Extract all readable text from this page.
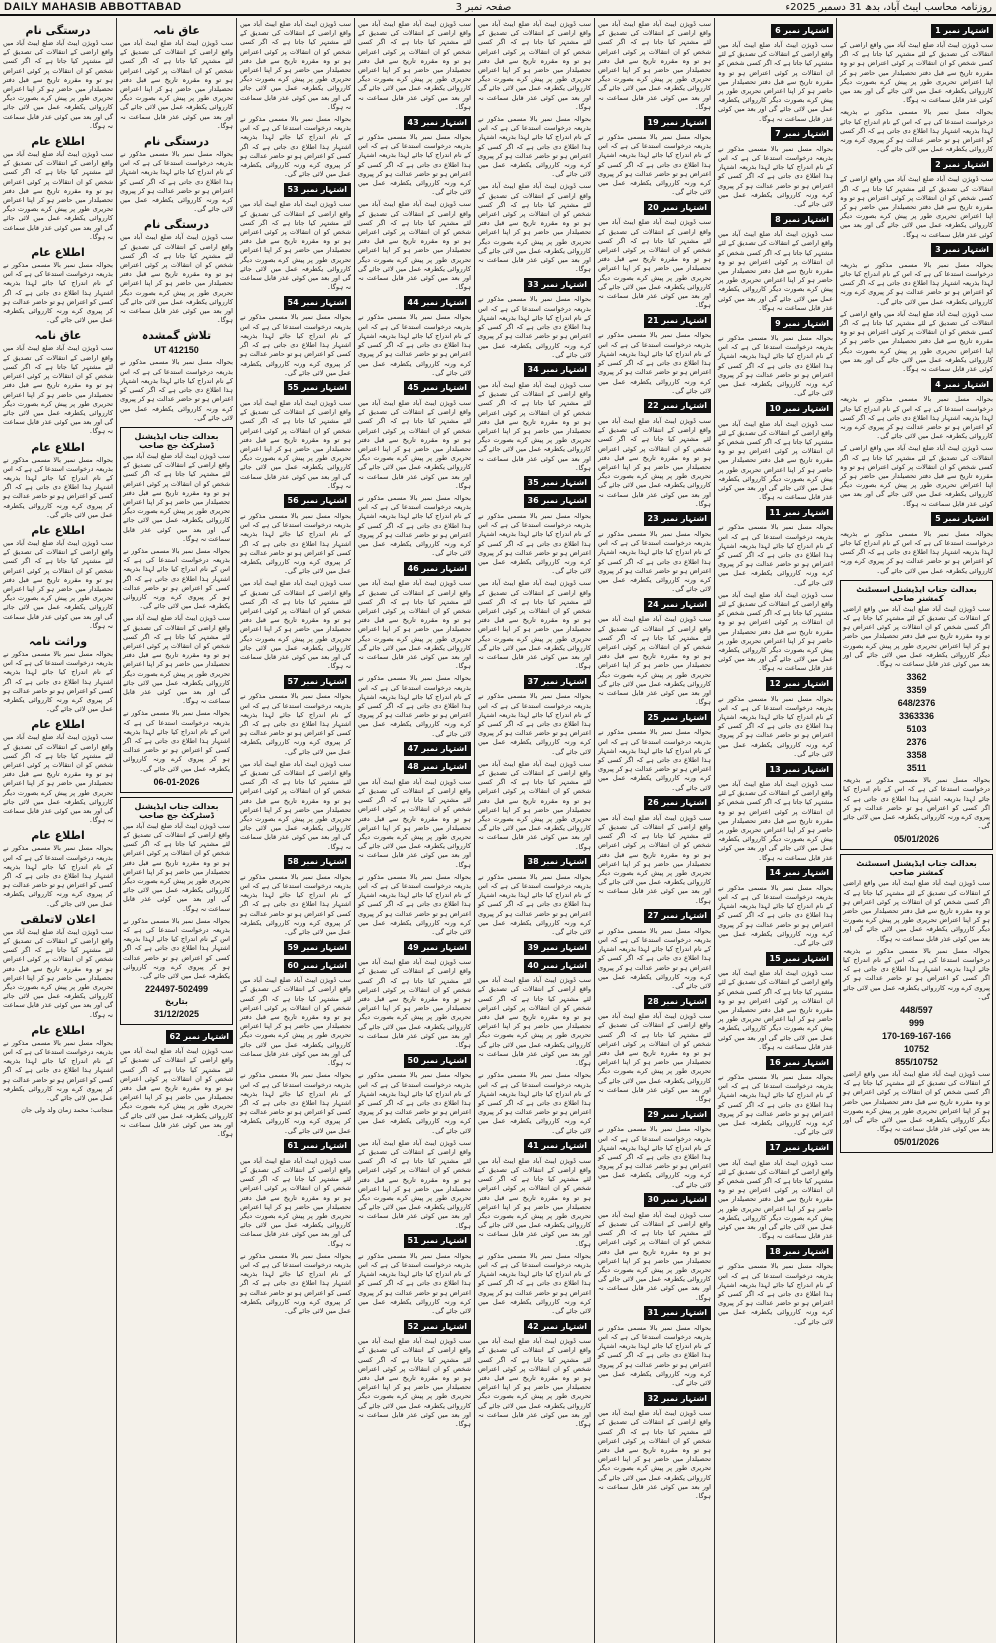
DAILY MAHASIB ABBOTTABAD	صفحہ نمبر 3	روزنامہ محاسب ایبٹ آباد، بدھ 31 دسمبر 2025ء
درستگی نام

سب ڈویژن ایبٹ آباد ضلع ایبٹ آباد میں واقع اراضی کے انتقالات کی تصدیق کے لئے مشتہر کیا جاتا ہے کہ اگر کسی شخص کو ان انتقالات پر کوئی اعتراض ہو تو وہ مقررہ تاریخ سے قبل دفتر تحصیلدار میں حاضر ہو کر اپنا اعتراض تحریری طور پر پیش کرے بصورت دیگر کارروائی یکطرفہ عمل میں لائی جائے گی اور بعد میں کوئی عذر قابل سماعت نہ ہوگا۔

اطلاع عام

سب ڈویژن ایبٹ آباد ضلع ایبٹ آباد میں واقع اراضی کے انتقالات کی تصدیق کے لئے مشتہر کیا جاتا ہے کہ اگر کسی شخص کو ان انتقالات پر کوئی اعتراض ہو تو وہ مقررہ تاریخ سے قبل دفتر تحصیلدار میں حاضر ہو کر اپنا اعتراض تحریری طور پر پیش کرے بصورت دیگر کارروائی یکطرفہ عمل میں لائی جائے گی اور بعد میں کوئی عذر قابل سماعت نہ ہوگا۔

اطلاع عام

بحوالہ مسل نمبر بالا مسمی مذکور نے بذریعہ درخواست استدعا کی ہے کہ اس کے نام اندراج کیا جائے لہذا بذریعہ اشتہار ہذا اطلاع دی جاتی ہے کہ اگر کسی کو اعتراض ہو تو حاضر عدالت ہو کر پیروی کرے ورنہ کارروائی یکطرفہ عمل میں لائی جائے گی۔

عاق نامہ

سب ڈویژن ایبٹ آباد ضلع ایبٹ آباد میں واقع اراضی کے انتقالات کی تصدیق کے لئے مشتہر کیا جاتا ہے کہ اگر کسی شخص کو ان انتقالات پر کوئی اعتراض ہو تو وہ مقررہ تاریخ سے قبل دفتر تحصیلدار میں حاضر ہو کر اپنا اعتراض تحریری طور پر پیش کرے بصورت دیگر کارروائی یکطرفہ عمل میں لائی جائے گی اور بعد میں کوئی عذر قابل سماعت نہ ہوگا۔

اطلاع عام

بحوالہ مسل نمبر بالا مسمی مذکور نے بذریعہ درخواست استدعا کی ہے کہ اس کے نام اندراج کیا جائے لہذا بذریعہ اشتہار ہذا اطلاع دی جاتی ہے کہ اگر کسی کو اعتراض ہو تو حاضر عدالت ہو کر پیروی کرے ورنہ کارروائی یکطرفہ عمل میں لائی جائے گی۔

اطلاع عام

سب ڈویژن ایبٹ آباد ضلع ایبٹ آباد میں واقع اراضی کے انتقالات کی تصدیق کے لئے مشتہر کیا جاتا ہے کہ اگر کسی شخص کو ان انتقالات پر کوئی اعتراض ہو تو وہ مقررہ تاریخ سے قبل دفتر تحصیلدار میں حاضر ہو کر اپنا اعتراض تحریری طور پر پیش کرے بصورت دیگر کارروائی یکطرفہ عمل میں لائی جائے گی اور بعد میں کوئی عذر قابل سماعت نہ ہوگا۔

وراثت نامہ

بحوالہ مسل نمبر بالا مسمی مذکور نے بذریعہ درخواست استدعا کی ہے کہ اس کے نام اندراج کیا جائے لہذا بذریعہ اشتہار ہذا اطلاع دی جاتی ہے کہ اگر کسی کو اعتراض ہو تو حاضر عدالت ہو کر پیروی کرے ورنہ کارروائی یکطرفہ عمل میں لائی جائے گی۔

اطلاع عام

سب ڈویژن ایبٹ آباد ضلع ایبٹ آباد میں واقع اراضی کے انتقالات کی تصدیق کے لئے مشتہر کیا جاتا ہے کہ اگر کسی شخص کو ان انتقالات پر کوئی اعتراض ہو تو وہ مقررہ تاریخ سے قبل دفتر تحصیلدار میں حاضر ہو کر اپنا اعتراض تحریری طور پر پیش کرے بصورت دیگر کارروائی یکطرفہ عمل میں لائی جائے گی اور بعد میں کوئی عذر قابل سماعت نہ ہوگا۔

اطلاع عام

بحوالہ مسل نمبر بالا مسمی مذکور نے بذریعہ درخواست استدعا کی ہے کہ اس کے نام اندراج کیا جائے لہذا بذریعہ اشتہار ہذا اطلاع دی جاتی ہے کہ اگر کسی کو اعتراض ہو تو حاضر عدالت ہو کر پیروی کرے ورنہ کارروائی یکطرفہ عمل میں لائی جائے گی۔

اعلان لاتعلقی

سب ڈویژن ایبٹ آباد ضلع ایبٹ آباد میں واقع اراضی کے انتقالات کی تصدیق کے لئے مشتہر کیا جاتا ہے کہ اگر کسی شخص کو ان انتقالات پر کوئی اعتراض ہو تو وہ مقررہ تاریخ سے قبل دفتر تحصیلدار میں حاضر ہو کر اپنا اعتراض تحریری طور پر پیش کرے بصورت دیگر کارروائی یکطرفہ عمل میں لائی جائے گی اور بعد میں کوئی عذر قابل سماعت نہ ہوگا۔

اطلاع عام

بحوالہ مسل نمبر بالا مسمی مذکور نے بذریعہ درخواست استدعا کی ہے کہ اس کے نام اندراج کیا جائے لہذا بذریعہ اشتہار ہذا اطلاع دی جاتی ہے کہ اگر کسی کو اعتراض ہو تو حاضر عدالت ہو کر پیروی کرے ورنہ کارروائی یکطرفہ عمل میں لائی جائے گی۔

منجانب: محمد زمان ولد ولی جان

عاق نامہ

سب ڈویژن ایبٹ آباد ضلع ایبٹ آباد میں واقع اراضی کے انتقالات کی تصدیق کے لئے مشتہر کیا جاتا ہے کہ اگر کسی شخص کو ان انتقالات پر کوئی اعتراض ہو تو وہ مقررہ تاریخ سے قبل دفتر تحصیلدار میں حاضر ہو کر اپنا اعتراض تحریری طور پر پیش کرے بصورت دیگر کارروائی یکطرفہ عمل میں لائی جائے گی اور بعد میں کوئی عذر قابل سماعت نہ ہوگا۔

درستگی نام

بحوالہ مسل نمبر بالا مسمی مذکور نے بذریعہ درخواست استدعا کی ہے کہ اس کے نام اندراج کیا جائے لہذا بذریعہ اشتہار ہذا اطلاع دی جاتی ہے کہ اگر کسی کو اعتراض ہو تو حاضر عدالت ہو کر پیروی کرے ورنہ کارروائی یکطرفہ عمل میں لائی جائے گی۔

درستگی نام

سب ڈویژن ایبٹ آباد ضلع ایبٹ آباد میں واقع اراضی کے انتقالات کی تصدیق کے لئے مشتہر کیا جاتا ہے کہ اگر کسی شخص کو ان انتقالات پر کوئی اعتراض ہو تو وہ مقررہ تاریخ سے قبل دفتر تحصیلدار میں حاضر ہو کر اپنا اعتراض تحریری طور پر پیش کرے بصورت دیگر کارروائی یکطرفہ عمل میں لائی جائے گی اور بعد میں کوئی عذر قابل سماعت نہ ہوگا۔

تلاش گمشدہ
UT 412150

بحوالہ مسل نمبر بالا مسمی مذکور نے بذریعہ درخواست استدعا کی ہے کہ اس کے نام اندراج کیا جائے لہذا بذریعہ اشتہار ہذا اطلاع دی جاتی ہے کہ اگر کسی کو اعتراض ہو تو حاضر عدالت ہو کر پیروی کرے ورنہ کارروائی یکطرفہ عمل میں لائی جائے گی۔

بعدالت جناب ایڈیشنل ڈسٹرکٹ جج صاحب

سب ڈویژن ایبٹ آباد ضلع ایبٹ آباد میں واقع اراضی کے انتقالات کی تصدیق کے لئے مشتہر کیا جاتا ہے کہ اگر کسی شخص کو ان انتقالات پر کوئی اعتراض ہو تو وہ مقررہ تاریخ سے قبل دفتر تحصیلدار میں حاضر ہو کر اپنا اعتراض تحریری طور پر پیش کرے بصورت دیگر کارروائی یکطرفہ عمل میں لائی جائے گی اور بعد میں کوئی عذر قابل سماعت نہ ہوگا۔

بحوالہ مسل نمبر بالا مسمی مذکور نے بذریعہ درخواست استدعا کی ہے کہ اس کے نام اندراج کیا جائے لہذا بذریعہ اشتہار ہذا اطلاع دی جاتی ہے کہ اگر کسی کو اعتراض ہو تو حاضر عدالت ہو کر پیروی کرے ورنہ کارروائی یکطرفہ عمل میں لائی جائے گی۔

سب ڈویژن ایبٹ آباد ضلع ایبٹ آباد میں واقع اراضی کے انتقالات کی تصدیق کے لئے مشتہر کیا جاتا ہے کہ اگر کسی شخص کو ان انتقالات پر کوئی اعتراض ہو تو وہ مقررہ تاریخ سے قبل دفتر تحصیلدار میں حاضر ہو کر اپنا اعتراض تحریری طور پر پیش کرے بصورت دیگر کارروائی یکطرفہ عمل میں لائی جائے گی اور بعد میں کوئی عذر قابل سماعت نہ ہوگا۔

بحوالہ مسل نمبر بالا مسمی مذکور نے بذریعہ درخواست استدعا کی ہے کہ اس کے نام اندراج کیا جائے لہذا بذریعہ اشتہار ہذا اطلاع دی جاتی ہے کہ اگر کسی کو اعتراض ہو تو حاضر عدالت ہو کر پیروی کرے ورنہ کارروائی یکطرفہ عمل میں لائی جائے گی۔

06-01-2026
بعدالت جناب ایڈیشنل ڈسٹرکٹ جج صاحب

سب ڈویژن ایبٹ آباد ضلع ایبٹ آباد میں واقع اراضی کے انتقالات کی تصدیق کے لئے مشتہر کیا جاتا ہے کہ اگر کسی شخص کو ان انتقالات پر کوئی اعتراض ہو تو وہ مقررہ تاریخ سے قبل دفتر تحصیلدار میں حاضر ہو کر اپنا اعتراض تحریری طور پر پیش کرے بصورت دیگر کارروائی یکطرفہ عمل میں لائی جائے گی اور بعد میں کوئی عذر قابل سماعت نہ ہوگا۔

بحوالہ مسل نمبر بالا مسمی مذکور نے بذریعہ درخواست استدعا کی ہے کہ اس کے نام اندراج کیا جائے لہذا بذریعہ اشتہار ہذا اطلاع دی جاتی ہے کہ اگر کسی کو اعتراض ہو تو حاضر عدالت ہو کر پیروی کرے ورنہ کارروائی یکطرفہ عمل میں لائی جائے گی۔

224497-502499
بتاریخ
31/12/2025
اشتہار نمبر 62

سب ڈویژن ایبٹ آباد ضلع ایبٹ آباد میں واقع اراضی کے انتقالات کی تصدیق کے لئے مشتہر کیا جاتا ہے کہ اگر کسی شخص کو ان انتقالات پر کوئی اعتراض ہو تو وہ مقررہ تاریخ سے قبل دفتر تحصیلدار میں حاضر ہو کر اپنا اعتراض تحریری طور پر پیش کرے بصورت دیگر کارروائی یکطرفہ عمل میں لائی جائے گی اور بعد میں کوئی عذر قابل سماعت نہ ہوگا۔

سب ڈویژن ایبٹ آباد ضلع ایبٹ آباد میں واقع اراضی کے انتقالات کی تصدیق کے لئے مشتہر کیا جاتا ہے کہ اگر کسی شخص کو ان انتقالات پر کوئی اعتراض ہو تو وہ مقررہ تاریخ سے قبل دفتر تحصیلدار میں حاضر ہو کر اپنا اعتراض تحریری طور پر پیش کرے بصورت دیگر کارروائی یکطرفہ عمل میں لائی جائے گی اور بعد میں کوئی عذر قابل سماعت نہ ہوگا۔

بحوالہ مسل نمبر بالا مسمی مذکور نے بذریعہ درخواست استدعا کی ہے کہ اس کے نام اندراج کیا جائے لہذا بذریعہ اشتہار ہذا اطلاع دی جاتی ہے کہ اگر کسی کو اعتراض ہو تو حاضر عدالت ہو کر پیروی کرے ورنہ کارروائی یکطرفہ عمل میں لائی جائے گی۔

اشتہار نمبر 53

سب ڈویژن ایبٹ آباد ضلع ایبٹ آباد میں واقع اراضی کے انتقالات کی تصدیق کے لئے مشتہر کیا جاتا ہے کہ اگر کسی شخص کو ان انتقالات پر کوئی اعتراض ہو تو وہ مقررہ تاریخ سے قبل دفتر تحصیلدار میں حاضر ہو کر اپنا اعتراض تحریری طور پر پیش کرے بصورت دیگر کارروائی یکطرفہ عمل میں لائی جائے گی اور بعد میں کوئی عذر قابل سماعت نہ ہوگا۔

اشتہار نمبر 54

بحوالہ مسل نمبر بالا مسمی مذکور نے بذریعہ درخواست استدعا کی ہے کہ اس کے نام اندراج کیا جائے لہذا بذریعہ اشتہار ہذا اطلاع دی جاتی ہے کہ اگر کسی کو اعتراض ہو تو حاضر عدالت ہو کر پیروی کرے ورنہ کارروائی یکطرفہ عمل میں لائی جائے گی۔

اشتہار نمبر 55

سب ڈویژن ایبٹ آباد ضلع ایبٹ آباد میں واقع اراضی کے انتقالات کی تصدیق کے لئے مشتہر کیا جاتا ہے کہ اگر کسی شخص کو ان انتقالات پر کوئی اعتراض ہو تو وہ مقررہ تاریخ سے قبل دفتر تحصیلدار میں حاضر ہو کر اپنا اعتراض تحریری طور پر پیش کرے بصورت دیگر کارروائی یکطرفہ عمل میں لائی جائے گی اور بعد میں کوئی عذر قابل سماعت نہ ہوگا۔

اشتہار نمبر 56

بحوالہ مسل نمبر بالا مسمی مذکور نے بذریعہ درخواست استدعا کی ہے کہ اس کے نام اندراج کیا جائے لہذا بذریعہ اشتہار ہذا اطلاع دی جاتی ہے کہ اگر کسی کو اعتراض ہو تو حاضر عدالت ہو کر پیروی کرے ورنہ کارروائی یکطرفہ عمل میں لائی جائے گی۔

سب ڈویژن ایبٹ آباد ضلع ایبٹ آباد میں واقع اراضی کے انتقالات کی تصدیق کے لئے مشتہر کیا جاتا ہے کہ اگر کسی شخص کو ان انتقالات پر کوئی اعتراض ہو تو وہ مقررہ تاریخ سے قبل دفتر تحصیلدار میں حاضر ہو کر اپنا اعتراض تحریری طور پر پیش کرے بصورت دیگر کارروائی یکطرفہ عمل میں لائی جائے گی اور بعد میں کوئی عذر قابل سماعت نہ ہوگا۔

اشتہار نمبر 57

بحوالہ مسل نمبر بالا مسمی مذکور نے بذریعہ درخواست استدعا کی ہے کہ اس کے نام اندراج کیا جائے لہذا بذریعہ اشتہار ہذا اطلاع دی جاتی ہے کہ اگر کسی کو اعتراض ہو تو حاضر عدالت ہو کر پیروی کرے ورنہ کارروائی یکطرفہ عمل میں لائی جائے گی۔

سب ڈویژن ایبٹ آباد ضلع ایبٹ آباد میں واقع اراضی کے انتقالات کی تصدیق کے لئے مشتہر کیا جاتا ہے کہ اگر کسی شخص کو ان انتقالات پر کوئی اعتراض ہو تو وہ مقررہ تاریخ سے قبل دفتر تحصیلدار میں حاضر ہو کر اپنا اعتراض تحریری طور پر پیش کرے بصورت دیگر کارروائی یکطرفہ عمل میں لائی جائے گی اور بعد میں کوئی عذر قابل سماعت نہ ہوگا۔

اشتہار نمبر 58

بحوالہ مسل نمبر بالا مسمی مذکور نے بذریعہ درخواست استدعا کی ہے کہ اس کے نام اندراج کیا جائے لہذا بذریعہ اشتہار ہذا اطلاع دی جاتی ہے کہ اگر کسی کو اعتراض ہو تو حاضر عدالت ہو کر پیروی کرے ورنہ کارروائی یکطرفہ عمل میں لائی جائے گی۔

اشتہار نمبر 59
اشتہار نمبر 60

سب ڈویژن ایبٹ آباد ضلع ایبٹ آباد میں واقع اراضی کے انتقالات کی تصدیق کے لئے مشتہر کیا جاتا ہے کہ اگر کسی شخص کو ان انتقالات پر کوئی اعتراض ہو تو وہ مقررہ تاریخ سے قبل دفتر تحصیلدار میں حاضر ہو کر اپنا اعتراض تحریری طور پر پیش کرے بصورت دیگر کارروائی یکطرفہ عمل میں لائی جائے گی اور بعد میں کوئی عذر قابل سماعت نہ ہوگا۔

بحوالہ مسل نمبر بالا مسمی مذکور نے بذریعہ درخواست استدعا کی ہے کہ اس کے نام اندراج کیا جائے لہذا بذریعہ اشتہار ہذا اطلاع دی جاتی ہے کہ اگر کسی کو اعتراض ہو تو حاضر عدالت ہو کر پیروی کرے ورنہ کارروائی یکطرفہ عمل میں لائی جائے گی۔

اشتہار نمبر 61

سب ڈویژن ایبٹ آباد ضلع ایبٹ آباد میں واقع اراضی کے انتقالات کی تصدیق کے لئے مشتہر کیا جاتا ہے کہ اگر کسی شخص کو ان انتقالات پر کوئی اعتراض ہو تو وہ مقررہ تاریخ سے قبل دفتر تحصیلدار میں حاضر ہو کر اپنا اعتراض تحریری طور پر پیش کرے بصورت دیگر کارروائی یکطرفہ عمل میں لائی جائے گی اور بعد میں کوئی عذر قابل سماعت نہ ہوگا۔

بحوالہ مسل نمبر بالا مسمی مذکور نے بذریعہ درخواست استدعا کی ہے کہ اس کے نام اندراج کیا جائے لہذا بذریعہ اشتہار ہذا اطلاع دی جاتی ہے کہ اگر کسی کو اعتراض ہو تو حاضر عدالت ہو کر پیروی کرے ورنہ کارروائی یکطرفہ عمل میں لائی جائے گی۔

سب ڈویژن ایبٹ آباد ضلع ایبٹ آباد میں واقع اراضی کے انتقالات کی تصدیق کے لئے مشتہر کیا جاتا ہے کہ اگر کسی شخص کو ان انتقالات پر کوئی اعتراض ہو تو وہ مقررہ تاریخ سے قبل دفتر تحصیلدار میں حاضر ہو کر اپنا اعتراض تحریری طور پر پیش کرے بصورت دیگر کارروائی یکطرفہ عمل میں لائی جائے گی اور بعد میں کوئی عذر قابل سماعت نہ ہوگا۔

اشتہار نمبر 43

بحوالہ مسل نمبر بالا مسمی مذکور نے بذریعہ درخواست استدعا کی ہے کہ اس کے نام اندراج کیا جائے لہذا بذریعہ اشتہار ہذا اطلاع دی جاتی ہے کہ اگر کسی کو اعتراض ہو تو حاضر عدالت ہو کر پیروی کرے ورنہ کارروائی یکطرفہ عمل میں لائی جائے گی۔

سب ڈویژن ایبٹ آباد ضلع ایبٹ آباد میں واقع اراضی کے انتقالات کی تصدیق کے لئے مشتہر کیا جاتا ہے کہ اگر کسی شخص کو ان انتقالات پر کوئی اعتراض ہو تو وہ مقررہ تاریخ سے قبل دفتر تحصیلدار میں حاضر ہو کر اپنا اعتراض تحریری طور پر پیش کرے بصورت دیگر کارروائی یکطرفہ عمل میں لائی جائے گی اور بعد میں کوئی عذر قابل سماعت نہ ہوگا۔

اشتہار نمبر 44

بحوالہ مسل نمبر بالا مسمی مذکور نے بذریعہ درخواست استدعا کی ہے کہ اس کے نام اندراج کیا جائے لہذا بذریعہ اشتہار ہذا اطلاع دی جاتی ہے کہ اگر کسی کو اعتراض ہو تو حاضر عدالت ہو کر پیروی کرے ورنہ کارروائی یکطرفہ عمل میں لائی جائے گی۔

اشتہار نمبر 45

سب ڈویژن ایبٹ آباد ضلع ایبٹ آباد میں واقع اراضی کے انتقالات کی تصدیق کے لئے مشتہر کیا جاتا ہے کہ اگر کسی شخص کو ان انتقالات پر کوئی اعتراض ہو تو وہ مقررہ تاریخ سے قبل دفتر تحصیلدار میں حاضر ہو کر اپنا اعتراض تحریری طور پر پیش کرے بصورت دیگر کارروائی یکطرفہ عمل میں لائی جائے گی اور بعد میں کوئی عذر قابل سماعت نہ ہوگا۔

بحوالہ مسل نمبر بالا مسمی مذکور نے بذریعہ درخواست استدعا کی ہے کہ اس کے نام اندراج کیا جائے لہذا بذریعہ اشتہار ہذا اطلاع دی جاتی ہے کہ اگر کسی کو اعتراض ہو تو حاضر عدالت ہو کر پیروی کرے ورنہ کارروائی یکطرفہ عمل میں لائی جائے گی۔

اشتہار نمبر 46

سب ڈویژن ایبٹ آباد ضلع ایبٹ آباد میں واقع اراضی کے انتقالات کی تصدیق کے لئے مشتہر کیا جاتا ہے کہ اگر کسی شخص کو ان انتقالات پر کوئی اعتراض ہو تو وہ مقررہ تاریخ سے قبل دفتر تحصیلدار میں حاضر ہو کر اپنا اعتراض تحریری طور پر پیش کرے بصورت دیگر کارروائی یکطرفہ عمل میں لائی جائے گی اور بعد میں کوئی عذر قابل سماعت نہ ہوگا۔

بحوالہ مسل نمبر بالا مسمی مذکور نے بذریعہ درخواست استدعا کی ہے کہ اس کے نام اندراج کیا جائے لہذا بذریعہ اشتہار ہذا اطلاع دی جاتی ہے کہ اگر کسی کو اعتراض ہو تو حاضر عدالت ہو کر پیروی کرے ورنہ کارروائی یکطرفہ عمل میں لائی جائے گی۔

اشتہار نمبر 47
اشتہار نمبر 48

سب ڈویژن ایبٹ آباد ضلع ایبٹ آباد میں واقع اراضی کے انتقالات کی تصدیق کے لئے مشتہر کیا جاتا ہے کہ اگر کسی شخص کو ان انتقالات پر کوئی اعتراض ہو تو وہ مقررہ تاریخ سے قبل دفتر تحصیلدار میں حاضر ہو کر اپنا اعتراض تحریری طور پر پیش کرے بصورت دیگر کارروائی یکطرفہ عمل میں لائی جائے گی اور بعد میں کوئی عذر قابل سماعت نہ ہوگا۔

بحوالہ مسل نمبر بالا مسمی مذکور نے بذریعہ درخواست استدعا کی ہے کہ اس کے نام اندراج کیا جائے لہذا بذریعہ اشتہار ہذا اطلاع دی جاتی ہے کہ اگر کسی کو اعتراض ہو تو حاضر عدالت ہو کر پیروی کرے ورنہ کارروائی یکطرفہ عمل میں لائی جائے گی۔

اشتہار نمبر 49

سب ڈویژن ایبٹ آباد ضلع ایبٹ آباد میں واقع اراضی کے انتقالات کی تصدیق کے لئے مشتہر کیا جاتا ہے کہ اگر کسی شخص کو ان انتقالات پر کوئی اعتراض ہو تو وہ مقررہ تاریخ سے قبل دفتر تحصیلدار میں حاضر ہو کر اپنا اعتراض تحریری طور پر پیش کرے بصورت دیگر کارروائی یکطرفہ عمل میں لائی جائے گی اور بعد میں کوئی عذر قابل سماعت نہ ہوگا۔

اشتہار نمبر 50

بحوالہ مسل نمبر بالا مسمی مذکور نے بذریعہ درخواست استدعا کی ہے کہ اس کے نام اندراج کیا جائے لہذا بذریعہ اشتہار ہذا اطلاع دی جاتی ہے کہ اگر کسی کو اعتراض ہو تو حاضر عدالت ہو کر پیروی کرے ورنہ کارروائی یکطرفہ عمل میں لائی جائے گی۔

سب ڈویژن ایبٹ آباد ضلع ایبٹ آباد میں واقع اراضی کے انتقالات کی تصدیق کے لئے مشتہر کیا جاتا ہے کہ اگر کسی شخص کو ان انتقالات پر کوئی اعتراض ہو تو وہ مقررہ تاریخ سے قبل دفتر تحصیلدار میں حاضر ہو کر اپنا اعتراض تحریری طور پر پیش کرے بصورت دیگر کارروائی یکطرفہ عمل میں لائی جائے گی اور بعد میں کوئی عذر قابل سماعت نہ ہوگا۔

اشتہار نمبر 51

بحوالہ مسل نمبر بالا مسمی مذکور نے بذریعہ درخواست استدعا کی ہے کہ اس کے نام اندراج کیا جائے لہذا بذریعہ اشتہار ہذا اطلاع دی جاتی ہے کہ اگر کسی کو اعتراض ہو تو حاضر عدالت ہو کر پیروی کرے ورنہ کارروائی یکطرفہ عمل میں لائی جائے گی۔

اشتہار نمبر 52

سب ڈویژن ایبٹ آباد ضلع ایبٹ آباد میں واقع اراضی کے انتقالات کی تصدیق کے لئے مشتہر کیا جاتا ہے کہ اگر کسی شخص کو ان انتقالات پر کوئی اعتراض ہو تو وہ مقررہ تاریخ سے قبل دفتر تحصیلدار میں حاضر ہو کر اپنا اعتراض تحریری طور پر پیش کرے بصورت دیگر کارروائی یکطرفہ عمل میں لائی جائے گی اور بعد میں کوئی عذر قابل سماعت نہ ہوگا۔

سب ڈویژن ایبٹ آباد ضلع ایبٹ آباد میں واقع اراضی کے انتقالات کی تصدیق کے لئے مشتہر کیا جاتا ہے کہ اگر کسی شخص کو ان انتقالات پر کوئی اعتراض ہو تو وہ مقررہ تاریخ سے قبل دفتر تحصیلدار میں حاضر ہو کر اپنا اعتراض تحریری طور پر پیش کرے بصورت دیگر کارروائی یکطرفہ عمل میں لائی جائے گی اور بعد میں کوئی عذر قابل سماعت نہ ہوگا۔

بحوالہ مسل نمبر بالا مسمی مذکور نے بذریعہ درخواست استدعا کی ہے کہ اس کے نام اندراج کیا جائے لہذا بذریعہ اشتہار ہذا اطلاع دی جاتی ہے کہ اگر کسی کو اعتراض ہو تو حاضر عدالت ہو کر پیروی کرے ورنہ کارروائی یکطرفہ عمل میں لائی جائے گی۔

سب ڈویژن ایبٹ آباد ضلع ایبٹ آباد میں واقع اراضی کے انتقالات کی تصدیق کے لئے مشتہر کیا جاتا ہے کہ اگر کسی شخص کو ان انتقالات پر کوئی اعتراض ہو تو وہ مقررہ تاریخ سے قبل دفتر تحصیلدار میں حاضر ہو کر اپنا اعتراض تحریری طور پر پیش کرے بصورت دیگر کارروائی یکطرفہ عمل میں لائی جائے گی اور بعد میں کوئی عذر قابل سماعت نہ ہوگا۔

اشتہار نمبر 33

بحوالہ مسل نمبر بالا مسمی مذکور نے بذریعہ درخواست استدعا کی ہے کہ اس کے نام اندراج کیا جائے لہذا بذریعہ اشتہار ہذا اطلاع دی جاتی ہے کہ اگر کسی کو اعتراض ہو تو حاضر عدالت ہو کر پیروی کرے ورنہ کارروائی یکطرفہ عمل میں لائی جائے گی۔

اشتہار نمبر 34

سب ڈویژن ایبٹ آباد ضلع ایبٹ آباد میں واقع اراضی کے انتقالات کی تصدیق کے لئے مشتہر کیا جاتا ہے کہ اگر کسی شخص کو ان انتقالات پر کوئی اعتراض ہو تو وہ مقررہ تاریخ سے قبل دفتر تحصیلدار میں حاضر ہو کر اپنا اعتراض تحریری طور پر پیش کرے بصورت دیگر کارروائی یکطرفہ عمل میں لائی جائے گی اور بعد میں کوئی عذر قابل سماعت نہ ہوگا۔

اشتہار نمبر 35
اشتہار نمبر 36

بحوالہ مسل نمبر بالا مسمی مذکور نے بذریعہ درخواست استدعا کی ہے کہ اس کے نام اندراج کیا جائے لہذا بذریعہ اشتہار ہذا اطلاع دی جاتی ہے کہ اگر کسی کو اعتراض ہو تو حاضر عدالت ہو کر پیروی کرے ورنہ کارروائی یکطرفہ عمل میں لائی جائے گی۔

سب ڈویژن ایبٹ آباد ضلع ایبٹ آباد میں واقع اراضی کے انتقالات کی تصدیق کے لئے مشتہر کیا جاتا ہے کہ اگر کسی شخص کو ان انتقالات پر کوئی اعتراض ہو تو وہ مقررہ تاریخ سے قبل دفتر تحصیلدار میں حاضر ہو کر اپنا اعتراض تحریری طور پر پیش کرے بصورت دیگر کارروائی یکطرفہ عمل میں لائی جائے گی اور بعد میں کوئی عذر قابل سماعت نہ ہوگا۔

اشتہار نمبر 37

بحوالہ مسل نمبر بالا مسمی مذکور نے بذریعہ درخواست استدعا کی ہے کہ اس کے نام اندراج کیا جائے لہذا بذریعہ اشتہار ہذا اطلاع دی جاتی ہے کہ اگر کسی کو اعتراض ہو تو حاضر عدالت ہو کر پیروی کرے ورنہ کارروائی یکطرفہ عمل میں لائی جائے گی۔

سب ڈویژن ایبٹ آباد ضلع ایبٹ آباد میں واقع اراضی کے انتقالات کی تصدیق کے لئے مشتہر کیا جاتا ہے کہ اگر کسی شخص کو ان انتقالات پر کوئی اعتراض ہو تو وہ مقررہ تاریخ سے قبل دفتر تحصیلدار میں حاضر ہو کر اپنا اعتراض تحریری طور پر پیش کرے بصورت دیگر کارروائی یکطرفہ عمل میں لائی جائے گی اور بعد میں کوئی عذر قابل سماعت نہ ہوگا۔

اشتہار نمبر 38

بحوالہ مسل نمبر بالا مسمی مذکور نے بذریعہ درخواست استدعا کی ہے کہ اس کے نام اندراج کیا جائے لہذا بذریعہ اشتہار ہذا اطلاع دی جاتی ہے کہ اگر کسی کو اعتراض ہو تو حاضر عدالت ہو کر پیروی کرے ورنہ کارروائی یکطرفہ عمل میں لائی جائے گی۔

اشتہار نمبر 39
اشتہار نمبر 40

سب ڈویژن ایبٹ آباد ضلع ایبٹ آباد میں واقع اراضی کے انتقالات کی تصدیق کے لئے مشتہر کیا جاتا ہے کہ اگر کسی شخص کو ان انتقالات پر کوئی اعتراض ہو تو وہ مقررہ تاریخ سے قبل دفتر تحصیلدار میں حاضر ہو کر اپنا اعتراض تحریری طور پر پیش کرے بصورت دیگر کارروائی یکطرفہ عمل میں لائی جائے گی اور بعد میں کوئی عذر قابل سماعت نہ ہوگا۔

بحوالہ مسل نمبر بالا مسمی مذکور نے بذریعہ درخواست استدعا کی ہے کہ اس کے نام اندراج کیا جائے لہذا بذریعہ اشتہار ہذا اطلاع دی جاتی ہے کہ اگر کسی کو اعتراض ہو تو حاضر عدالت ہو کر پیروی کرے ورنہ کارروائی یکطرفہ عمل میں لائی جائے گی۔

اشتہار نمبر 41

سب ڈویژن ایبٹ آباد ضلع ایبٹ آباد میں واقع اراضی کے انتقالات کی تصدیق کے لئے مشتہر کیا جاتا ہے کہ اگر کسی شخص کو ان انتقالات پر کوئی اعتراض ہو تو وہ مقررہ تاریخ سے قبل دفتر تحصیلدار میں حاضر ہو کر اپنا اعتراض تحریری طور پر پیش کرے بصورت دیگر کارروائی یکطرفہ عمل میں لائی جائے گی اور بعد میں کوئی عذر قابل سماعت نہ ہوگا۔

بحوالہ مسل نمبر بالا مسمی مذکور نے بذریعہ درخواست استدعا کی ہے کہ اس کے نام اندراج کیا جائے لہذا بذریعہ اشتہار ہذا اطلاع دی جاتی ہے کہ اگر کسی کو اعتراض ہو تو حاضر عدالت ہو کر پیروی کرے ورنہ کارروائی یکطرفہ عمل میں لائی جائے گی۔

اشتہار نمبر 42

سب ڈویژن ایبٹ آباد ضلع ایبٹ آباد میں واقع اراضی کے انتقالات کی تصدیق کے لئے مشتہر کیا جاتا ہے کہ اگر کسی شخص کو ان انتقالات پر کوئی اعتراض ہو تو وہ مقررہ تاریخ سے قبل دفتر تحصیلدار میں حاضر ہو کر اپنا اعتراض تحریری طور پر پیش کرے بصورت دیگر کارروائی یکطرفہ عمل میں لائی جائے گی اور بعد میں کوئی عذر قابل سماعت نہ ہوگا۔

سب ڈویژن ایبٹ آباد ضلع ایبٹ آباد میں واقع اراضی کے انتقالات کی تصدیق کے لئے مشتہر کیا جاتا ہے کہ اگر کسی شخص کو ان انتقالات پر کوئی اعتراض ہو تو وہ مقررہ تاریخ سے قبل دفتر تحصیلدار میں حاضر ہو کر اپنا اعتراض تحریری طور پر پیش کرے بصورت دیگر کارروائی یکطرفہ عمل میں لائی جائے گی اور بعد میں کوئی عذر قابل سماعت نہ ہوگا۔

اشتہار نمبر 19

بحوالہ مسل نمبر بالا مسمی مذکور نے بذریعہ درخواست استدعا کی ہے کہ اس کے نام اندراج کیا جائے لہذا بذریعہ اشتہار ہذا اطلاع دی جاتی ہے کہ اگر کسی کو اعتراض ہو تو حاضر عدالت ہو کر پیروی کرے ورنہ کارروائی یکطرفہ عمل میں لائی جائے گی۔

اشتہار نمبر 20

سب ڈویژن ایبٹ آباد ضلع ایبٹ آباد میں واقع اراضی کے انتقالات کی تصدیق کے لئے مشتہر کیا جاتا ہے کہ اگر کسی شخص کو ان انتقالات پر کوئی اعتراض ہو تو وہ مقررہ تاریخ سے قبل دفتر تحصیلدار میں حاضر ہو کر اپنا اعتراض تحریری طور پر پیش کرے بصورت دیگر کارروائی یکطرفہ عمل میں لائی جائے گی اور بعد میں کوئی عذر قابل سماعت نہ ہوگا۔

اشتہار نمبر 21

بحوالہ مسل نمبر بالا مسمی مذکور نے بذریعہ درخواست استدعا کی ہے کہ اس کے نام اندراج کیا جائے لہذا بذریعہ اشتہار ہذا اطلاع دی جاتی ہے کہ اگر کسی کو اعتراض ہو تو حاضر عدالت ہو کر پیروی کرے ورنہ کارروائی یکطرفہ عمل میں لائی جائے گی۔

اشتہار نمبر 22

سب ڈویژن ایبٹ آباد ضلع ایبٹ آباد میں واقع اراضی کے انتقالات کی تصدیق کے لئے مشتہر کیا جاتا ہے کہ اگر کسی شخص کو ان انتقالات پر کوئی اعتراض ہو تو وہ مقررہ تاریخ سے قبل دفتر تحصیلدار میں حاضر ہو کر اپنا اعتراض تحریری طور پر پیش کرے بصورت دیگر کارروائی یکطرفہ عمل میں لائی جائے گی اور بعد میں کوئی عذر قابل سماعت نہ ہوگا۔

اشتہار نمبر 23

بحوالہ مسل نمبر بالا مسمی مذکور نے بذریعہ درخواست استدعا کی ہے کہ اس کے نام اندراج کیا جائے لہذا بذریعہ اشتہار ہذا اطلاع دی جاتی ہے کہ اگر کسی کو اعتراض ہو تو حاضر عدالت ہو کر پیروی کرے ورنہ کارروائی یکطرفہ عمل میں لائی جائے گی۔

اشتہار نمبر 24

سب ڈویژن ایبٹ آباد ضلع ایبٹ آباد میں واقع اراضی کے انتقالات کی تصدیق کے لئے مشتہر کیا جاتا ہے کہ اگر کسی شخص کو ان انتقالات پر کوئی اعتراض ہو تو وہ مقررہ تاریخ سے قبل دفتر تحصیلدار میں حاضر ہو کر اپنا اعتراض تحریری طور پر پیش کرے بصورت دیگر کارروائی یکطرفہ عمل میں لائی جائے گی اور بعد میں کوئی عذر قابل سماعت نہ ہوگا۔

اشتہار نمبر 25

بحوالہ مسل نمبر بالا مسمی مذکور نے بذریعہ درخواست استدعا کی ہے کہ اس کے نام اندراج کیا جائے لہذا بذریعہ اشتہار ہذا اطلاع دی جاتی ہے کہ اگر کسی کو اعتراض ہو تو حاضر عدالت ہو کر پیروی کرے ورنہ کارروائی یکطرفہ عمل میں لائی جائے گی۔

اشتہار نمبر 26

سب ڈویژن ایبٹ آباد ضلع ایبٹ آباد میں واقع اراضی کے انتقالات کی تصدیق کے لئے مشتہر کیا جاتا ہے کہ اگر کسی شخص کو ان انتقالات پر کوئی اعتراض ہو تو وہ مقررہ تاریخ سے قبل دفتر تحصیلدار میں حاضر ہو کر اپنا اعتراض تحریری طور پر پیش کرے بصورت دیگر کارروائی یکطرفہ عمل میں لائی جائے گی اور بعد میں کوئی عذر قابل سماعت نہ ہوگا۔

اشتہار نمبر 27

بحوالہ مسل نمبر بالا مسمی مذکور نے بذریعہ درخواست استدعا کی ہے کہ اس کے نام اندراج کیا جائے لہذا بذریعہ اشتہار ہذا اطلاع دی جاتی ہے کہ اگر کسی کو اعتراض ہو تو حاضر عدالت ہو کر پیروی کرے ورنہ کارروائی یکطرفہ عمل میں لائی جائے گی۔

اشتہار نمبر 28

سب ڈویژن ایبٹ آباد ضلع ایبٹ آباد میں واقع اراضی کے انتقالات کی تصدیق کے لئے مشتہر کیا جاتا ہے کہ اگر کسی شخص کو ان انتقالات پر کوئی اعتراض ہو تو وہ مقررہ تاریخ سے قبل دفتر تحصیلدار میں حاضر ہو کر اپنا اعتراض تحریری طور پر پیش کرے بصورت دیگر کارروائی یکطرفہ عمل میں لائی جائے گی اور بعد میں کوئی عذر قابل سماعت نہ ہوگا۔

اشتہار نمبر 29

بحوالہ مسل نمبر بالا مسمی مذکور نے بذریعہ درخواست استدعا کی ہے کہ اس کے نام اندراج کیا جائے لہذا بذریعہ اشتہار ہذا اطلاع دی جاتی ہے کہ اگر کسی کو اعتراض ہو تو حاضر عدالت ہو کر پیروی کرے ورنہ کارروائی یکطرفہ عمل میں لائی جائے گی۔

اشتہار نمبر 30

سب ڈویژن ایبٹ آباد ضلع ایبٹ آباد میں واقع اراضی کے انتقالات کی تصدیق کے لئے مشتہر کیا جاتا ہے کہ اگر کسی شخص کو ان انتقالات پر کوئی اعتراض ہو تو وہ مقررہ تاریخ سے قبل دفتر تحصیلدار میں حاضر ہو کر اپنا اعتراض تحریری طور پر پیش کرے بصورت دیگر کارروائی یکطرفہ عمل میں لائی جائے گی اور بعد میں کوئی عذر قابل سماعت نہ ہوگا۔

اشتہار نمبر 31

بحوالہ مسل نمبر بالا مسمی مذکور نے بذریعہ درخواست استدعا کی ہے کہ اس کے نام اندراج کیا جائے لہذا بذریعہ اشتہار ہذا اطلاع دی جاتی ہے کہ اگر کسی کو اعتراض ہو تو حاضر عدالت ہو کر پیروی کرے ورنہ کارروائی یکطرفہ عمل میں لائی جائے گی۔

اشتہار نمبر 32

سب ڈویژن ایبٹ آباد ضلع ایبٹ آباد میں واقع اراضی کے انتقالات کی تصدیق کے لئے مشتہر کیا جاتا ہے کہ اگر کسی شخص کو ان انتقالات پر کوئی اعتراض ہو تو وہ مقررہ تاریخ سے قبل دفتر تحصیلدار میں حاضر ہو کر اپنا اعتراض تحریری طور پر پیش کرے بصورت دیگر کارروائی یکطرفہ عمل میں لائی جائے گی اور بعد میں کوئی عذر قابل سماعت نہ ہوگا۔

اشتہار نمبر 6

سب ڈویژن ایبٹ آباد ضلع ایبٹ آباد میں واقع اراضی کے انتقالات کی تصدیق کے لئے مشتہر کیا جاتا ہے کہ اگر کسی شخص کو ان انتقالات پر کوئی اعتراض ہو تو وہ مقررہ تاریخ سے قبل دفتر تحصیلدار میں حاضر ہو کر اپنا اعتراض تحریری طور پر پیش کرے بصورت دیگر کارروائی یکطرفہ عمل میں لائی جائے گی اور بعد میں کوئی عذر قابل سماعت نہ ہوگا۔

اشتہار نمبر 7

بحوالہ مسل نمبر بالا مسمی مذکور نے بذریعہ درخواست استدعا کی ہے کہ اس کے نام اندراج کیا جائے لہذا بذریعہ اشتہار ہذا اطلاع دی جاتی ہے کہ اگر کسی کو اعتراض ہو تو حاضر عدالت ہو کر پیروی کرے ورنہ کارروائی یکطرفہ عمل میں لائی جائے گی۔

اشتہار نمبر 8

سب ڈویژن ایبٹ آباد ضلع ایبٹ آباد میں واقع اراضی کے انتقالات کی تصدیق کے لئے مشتہر کیا جاتا ہے کہ اگر کسی شخص کو ان انتقالات پر کوئی اعتراض ہو تو وہ مقررہ تاریخ سے قبل دفتر تحصیلدار میں حاضر ہو کر اپنا اعتراض تحریری طور پر پیش کرے بصورت دیگر کارروائی یکطرفہ عمل میں لائی جائے گی اور بعد میں کوئی عذر قابل سماعت نہ ہوگا۔

اشتہار نمبر 9

بحوالہ مسل نمبر بالا مسمی مذکور نے بذریعہ درخواست استدعا کی ہے کہ اس کے نام اندراج کیا جائے لہذا بذریعہ اشتہار ہذا اطلاع دی جاتی ہے کہ اگر کسی کو اعتراض ہو تو حاضر عدالت ہو کر پیروی کرے ورنہ کارروائی یکطرفہ عمل میں لائی جائے گی۔

اشتہار نمبر 10

سب ڈویژن ایبٹ آباد ضلع ایبٹ آباد میں واقع اراضی کے انتقالات کی تصدیق کے لئے مشتہر کیا جاتا ہے کہ اگر کسی شخص کو ان انتقالات پر کوئی اعتراض ہو تو وہ مقررہ تاریخ سے قبل دفتر تحصیلدار میں حاضر ہو کر اپنا اعتراض تحریری طور پر پیش کرے بصورت دیگر کارروائی یکطرفہ عمل میں لائی جائے گی اور بعد میں کوئی عذر قابل سماعت نہ ہوگا۔

اشتہار نمبر 11

بحوالہ مسل نمبر بالا مسمی مذکور نے بذریعہ درخواست استدعا کی ہے کہ اس کے نام اندراج کیا جائے لہذا بذریعہ اشتہار ہذا اطلاع دی جاتی ہے کہ اگر کسی کو اعتراض ہو تو حاضر عدالت ہو کر پیروی کرے ورنہ کارروائی یکطرفہ عمل میں لائی جائے گی۔

سب ڈویژن ایبٹ آباد ضلع ایبٹ آباد میں واقع اراضی کے انتقالات کی تصدیق کے لئے مشتہر کیا جاتا ہے کہ اگر کسی شخص کو ان انتقالات پر کوئی اعتراض ہو تو وہ مقررہ تاریخ سے قبل دفتر تحصیلدار میں حاضر ہو کر اپنا اعتراض تحریری طور پر پیش کرے بصورت دیگر کارروائی یکطرفہ عمل میں لائی جائے گی اور بعد میں کوئی عذر قابل سماعت نہ ہوگا۔

اشتہار نمبر 12

بحوالہ مسل نمبر بالا مسمی مذکور نے بذریعہ درخواست استدعا کی ہے کہ اس کے نام اندراج کیا جائے لہذا بذریعہ اشتہار ہذا اطلاع دی جاتی ہے کہ اگر کسی کو اعتراض ہو تو حاضر عدالت ہو کر پیروی کرے ورنہ کارروائی یکطرفہ عمل میں لائی جائے گی۔

اشتہار نمبر 13

سب ڈویژن ایبٹ آباد ضلع ایبٹ آباد میں واقع اراضی کے انتقالات کی تصدیق کے لئے مشتہر کیا جاتا ہے کہ اگر کسی شخص کو ان انتقالات پر کوئی اعتراض ہو تو وہ مقررہ تاریخ سے قبل دفتر تحصیلدار میں حاضر ہو کر اپنا اعتراض تحریری طور پر پیش کرے بصورت دیگر کارروائی یکطرفہ عمل میں لائی جائے گی اور بعد میں کوئی عذر قابل سماعت نہ ہوگا۔

اشتہار نمبر 14

بحوالہ مسل نمبر بالا مسمی مذکور نے بذریعہ درخواست استدعا کی ہے کہ اس کے نام اندراج کیا جائے لہذا بذریعہ اشتہار ہذا اطلاع دی جاتی ہے کہ اگر کسی کو اعتراض ہو تو حاضر عدالت ہو کر پیروی کرے ورنہ کارروائی یکطرفہ عمل میں لائی جائے گی۔

اشتہار نمبر 15

سب ڈویژن ایبٹ آباد ضلع ایبٹ آباد میں واقع اراضی کے انتقالات کی تصدیق کے لئے مشتہر کیا جاتا ہے کہ اگر کسی شخص کو ان انتقالات پر کوئی اعتراض ہو تو وہ مقررہ تاریخ سے قبل دفتر تحصیلدار میں حاضر ہو کر اپنا اعتراض تحریری طور پر پیش کرے بصورت دیگر کارروائی یکطرفہ عمل میں لائی جائے گی اور بعد میں کوئی عذر قابل سماعت نہ ہوگا۔

اشتہار نمبر 16

بحوالہ مسل نمبر بالا مسمی مذکور نے بذریعہ درخواست استدعا کی ہے کہ اس کے نام اندراج کیا جائے لہذا بذریعہ اشتہار ہذا اطلاع دی جاتی ہے کہ اگر کسی کو اعتراض ہو تو حاضر عدالت ہو کر پیروی کرے ورنہ کارروائی یکطرفہ عمل میں لائی جائے گی۔

اشتہار نمبر 17

سب ڈویژن ایبٹ آباد ضلع ایبٹ آباد میں واقع اراضی کے انتقالات کی تصدیق کے لئے مشتہر کیا جاتا ہے کہ اگر کسی شخص کو ان انتقالات پر کوئی اعتراض ہو تو وہ مقررہ تاریخ سے قبل دفتر تحصیلدار میں حاضر ہو کر اپنا اعتراض تحریری طور پر پیش کرے بصورت دیگر کارروائی یکطرفہ عمل میں لائی جائے گی اور بعد میں کوئی عذر قابل سماعت نہ ہوگا۔

اشتہار نمبر 18

بحوالہ مسل نمبر بالا مسمی مذکور نے بذریعہ درخواست استدعا کی ہے کہ اس کے نام اندراج کیا جائے لہذا بذریعہ اشتہار ہذا اطلاع دی جاتی ہے کہ اگر کسی کو اعتراض ہو تو حاضر عدالت ہو کر پیروی کرے ورنہ کارروائی یکطرفہ عمل میں لائی جائے گی۔

اشتہار نمبر 1

سب ڈویژن ایبٹ آباد ضلع ایبٹ آباد میں واقع اراضی کے انتقالات کی تصدیق کے لئے مشتہر کیا جاتا ہے کہ اگر کسی شخص کو ان انتقالات پر کوئی اعتراض ہو تو وہ مقررہ تاریخ سے قبل دفتر تحصیلدار میں حاضر ہو کر اپنا اعتراض تحریری طور پر پیش کرے بصورت دیگر کارروائی یکطرفہ عمل میں لائی جائے گی اور بعد میں کوئی عذر قابل سماعت نہ ہوگا۔

بحوالہ مسل نمبر بالا مسمی مذکور نے بذریعہ درخواست استدعا کی ہے کہ اس کے نام اندراج کیا جائے لہذا بذریعہ اشتہار ہذا اطلاع دی جاتی ہے کہ اگر کسی کو اعتراض ہو تو حاضر عدالت ہو کر پیروی کرے ورنہ کارروائی یکطرفہ عمل میں لائی جائے گی۔

اشتہار نمبر 2

سب ڈویژن ایبٹ آباد ضلع ایبٹ آباد میں واقع اراضی کے انتقالات کی تصدیق کے لئے مشتہر کیا جاتا ہے کہ اگر کسی شخص کو ان انتقالات پر کوئی اعتراض ہو تو وہ مقررہ تاریخ سے قبل دفتر تحصیلدار میں حاضر ہو کر اپنا اعتراض تحریری طور پر پیش کرے بصورت دیگر کارروائی یکطرفہ عمل میں لائی جائے گی اور بعد میں کوئی عذر قابل سماعت نہ ہوگا۔

اشتہار نمبر 3

بحوالہ مسل نمبر بالا مسمی مذکور نے بذریعہ درخواست استدعا کی ہے کہ اس کے نام اندراج کیا جائے لہذا بذریعہ اشتہار ہذا اطلاع دی جاتی ہے کہ اگر کسی کو اعتراض ہو تو حاضر عدالت ہو کر پیروی کرے ورنہ کارروائی یکطرفہ عمل میں لائی جائے گی۔

سب ڈویژن ایبٹ آباد ضلع ایبٹ آباد میں واقع اراضی کے انتقالات کی تصدیق کے لئے مشتہر کیا جاتا ہے کہ اگر کسی شخص کو ان انتقالات پر کوئی اعتراض ہو تو وہ مقررہ تاریخ سے قبل دفتر تحصیلدار میں حاضر ہو کر اپنا اعتراض تحریری طور پر پیش کرے بصورت دیگر کارروائی یکطرفہ عمل میں لائی جائے گی اور بعد میں کوئی عذر قابل سماعت نہ ہوگا۔

اشتہار نمبر 4

بحوالہ مسل نمبر بالا مسمی مذکور نے بذریعہ درخواست استدعا کی ہے کہ اس کے نام اندراج کیا جائے لہذا بذریعہ اشتہار ہذا اطلاع دی جاتی ہے کہ اگر کسی کو اعتراض ہو تو حاضر عدالت ہو کر پیروی کرے ورنہ کارروائی یکطرفہ عمل میں لائی جائے گی۔

سب ڈویژن ایبٹ آباد ضلع ایبٹ آباد میں واقع اراضی کے انتقالات کی تصدیق کے لئے مشتہر کیا جاتا ہے کہ اگر کسی شخص کو ان انتقالات پر کوئی اعتراض ہو تو وہ مقررہ تاریخ سے قبل دفتر تحصیلدار میں حاضر ہو کر اپنا اعتراض تحریری طور پر پیش کرے بصورت دیگر کارروائی یکطرفہ عمل میں لائی جائے گی اور بعد میں کوئی عذر قابل سماعت نہ ہوگا۔

اشتہار نمبر 5

بحوالہ مسل نمبر بالا مسمی مذکور نے بذریعہ درخواست استدعا کی ہے کہ اس کے نام اندراج کیا جائے لہذا بذریعہ اشتہار ہذا اطلاع دی جاتی ہے کہ اگر کسی کو اعتراض ہو تو حاضر عدالت ہو کر پیروی کرے ورنہ کارروائی یکطرفہ عمل میں لائی جائے گی۔

بعدالت جناب ایڈیشنل اسسٹنٹ کمشنر صاحب

سب ڈویژن ایبٹ آباد ضلع ایبٹ آباد میں واقع اراضی کے انتقالات کی تصدیق کے لئے مشتہر کیا جاتا ہے کہ اگر کسی شخص کو ان انتقالات پر کوئی اعتراض ہو تو وہ مقررہ تاریخ سے قبل دفتر تحصیلدار میں حاضر ہو کر اپنا اعتراض تحریری طور پر پیش کرے بصورت دیگر کارروائی یکطرفہ عمل میں لائی جائے گی اور بعد میں کوئی عذر قابل سماعت نہ ہوگا۔

3362
3359
648/2376
3363336
5103
2376
3358
3511

بحوالہ مسل نمبر بالا مسمی مذکور نے بذریعہ درخواست استدعا کی ہے کہ اس کے نام اندراج کیا جائے لہذا بذریعہ اشتہار ہذا اطلاع دی جاتی ہے کہ اگر کسی کو اعتراض ہو تو حاضر عدالت ہو کر پیروی کرے ورنہ کارروائی یکطرفہ عمل میں لائی جائے گی۔

05/01/2026
بعدالت جناب ایڈیشنل اسسٹنٹ کمشنر صاحب

سب ڈویژن ایبٹ آباد ضلع ایبٹ آباد میں واقع اراضی کے انتقالات کی تصدیق کے لئے مشتہر کیا جاتا ہے کہ اگر کسی شخص کو ان انتقالات پر کوئی اعتراض ہو تو وہ مقررہ تاریخ سے قبل دفتر تحصیلدار میں حاضر ہو کر اپنا اعتراض تحریری طور پر پیش کرے بصورت دیگر کارروائی یکطرفہ عمل میں لائی جائے گی اور بعد میں کوئی عذر قابل سماعت نہ ہوگا۔

بحوالہ مسل نمبر بالا مسمی مذکور نے بذریعہ درخواست استدعا کی ہے کہ اس کے نام اندراج کیا جائے لہذا بذریعہ اشتہار ہذا اطلاع دی جاتی ہے کہ اگر کسی کو اعتراض ہو تو حاضر عدالت ہو کر پیروی کرے ورنہ کارروائی یکطرفہ عمل میں لائی جائے گی۔

448/597
999
170-169-167-166
10752
855/10752

سب ڈویژن ایبٹ آباد ضلع ایبٹ آباد میں واقع اراضی کے انتقالات کی تصدیق کے لئے مشتہر کیا جاتا ہے کہ اگر کسی شخص کو ان انتقالات پر کوئی اعتراض ہو تو وہ مقررہ تاریخ سے قبل دفتر تحصیلدار میں حاضر ہو کر اپنا اعتراض تحریری طور پر پیش کرے بصورت دیگر کارروائی یکطرفہ عمل میں لائی جائے گی اور بعد میں کوئی عذر قابل سماعت نہ ہوگا۔

05/01/2026
